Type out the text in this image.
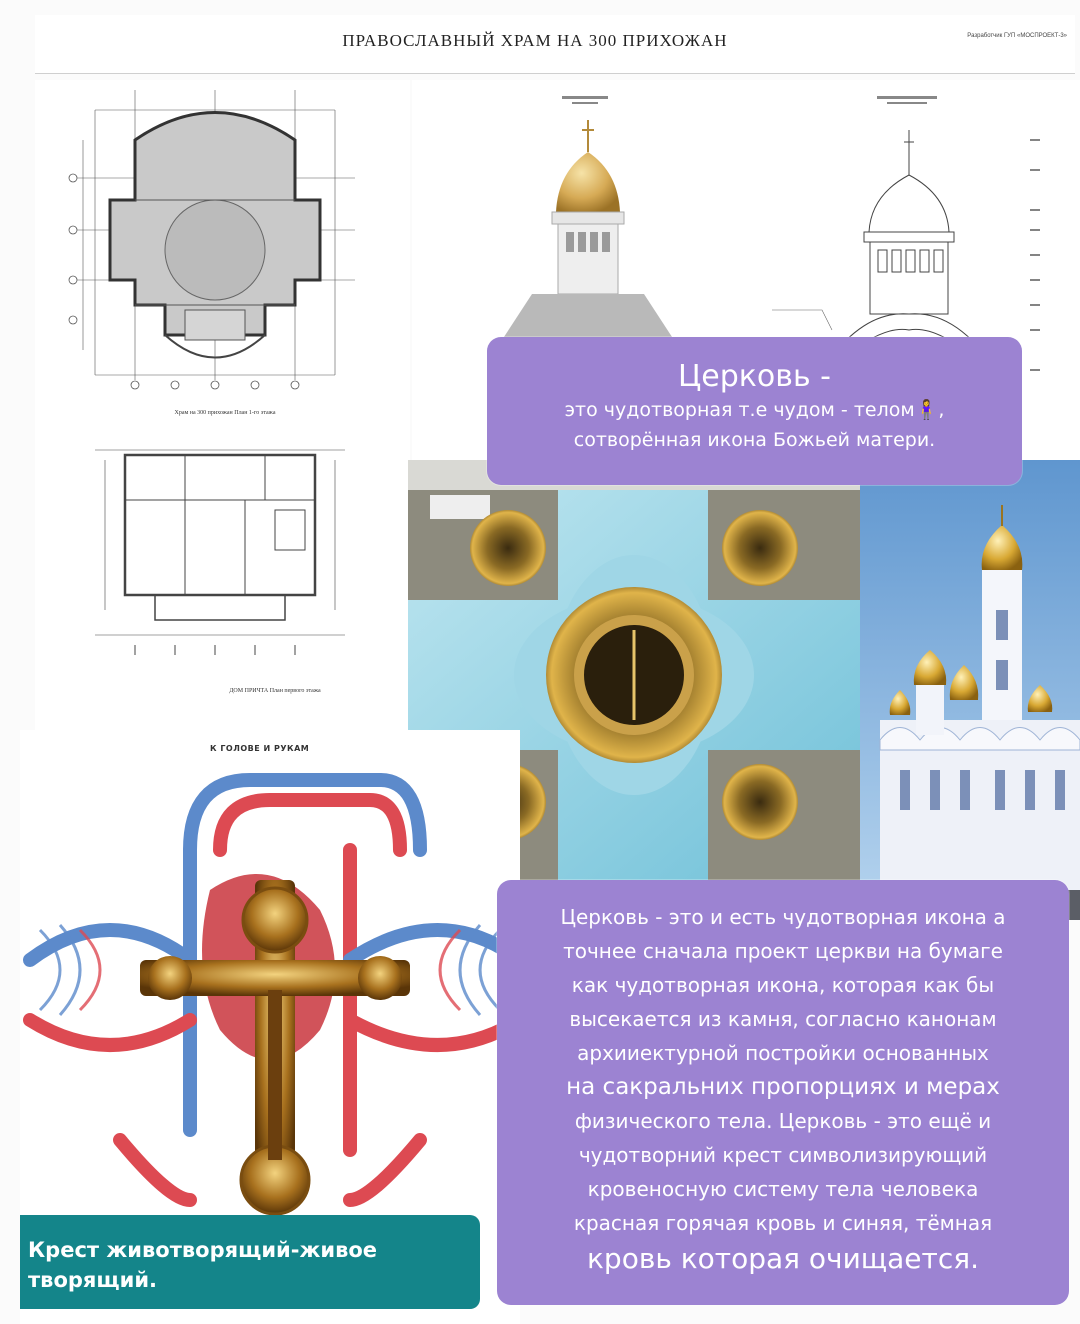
ПРАВОСЛАВНЫЙ ХРАМ НА 300 ПРИХОЖАН	Разработчик ГУП «МОСПРОЕКТ-3»
Храм на 300 прихожан План 1-го этажа
ДОМ ПРИЧТА План первого этажа
К ГОЛОВЕ И РУКАМ
Крест животворящий-живое
творящий.
Церковь -
это чудотворная т.е чудом - телом🧍‍♀️,
сотворённая икона Божьей матери.
Церковь - это и есть чудотворная икона а
точнее сначала проект церкви на бумаге
как чудотворная икона, которая как бы
высекается из камня, согласно канонам
архииектурной постройки основанных
на сакральних пропорциях и мерах
физического тела. Церковь - это ещё и
чудотворний крест символизирующий
кровеносную систему тела человека
красная горячая кровь и синяя, тёмная
кровь которая очищается.
